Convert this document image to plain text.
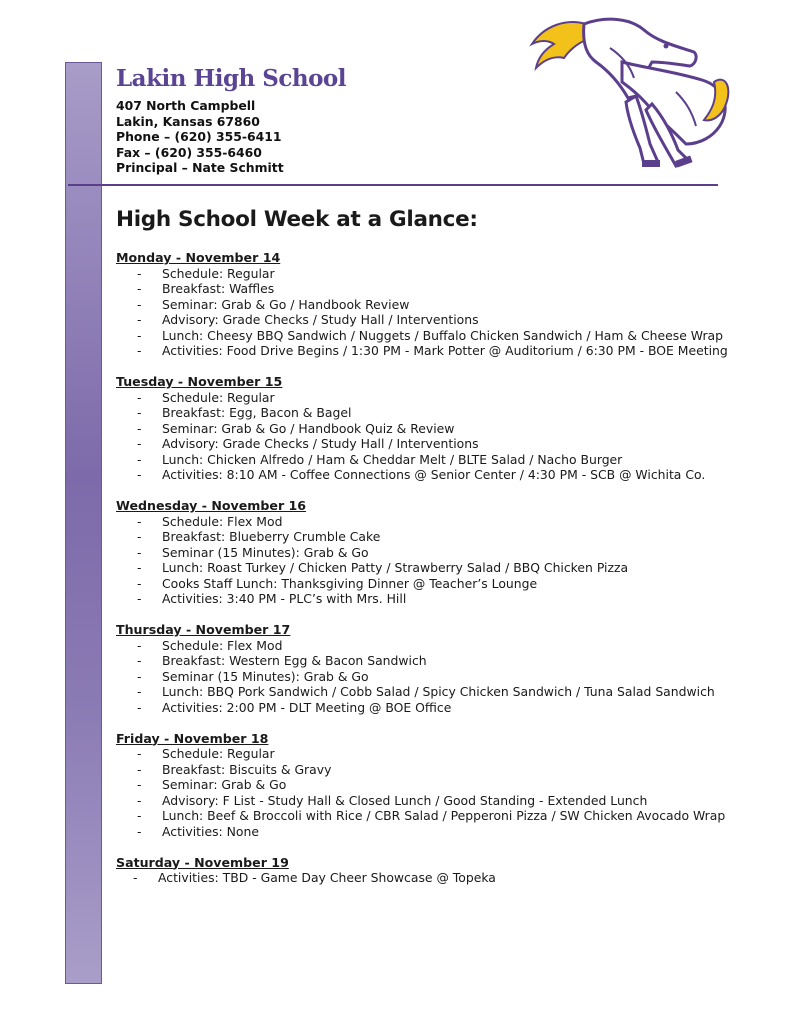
Lakin High School
407 North Campbell
Lakin, Kansas 67860
Phone – (620) 355-6411
Fax – (620) 355-6460
Principal – Nate Schmitt
High School Week at a Glance:
Monday - November 14
- Schedule: Regular
- Breakfast: Waffles
- Seminar: Grab & Go / Handbook Review
- Advisory: Grade Checks / Study Hall / Interventions
- Lunch: Cheesy BBQ Sandwich / Nuggets / Buffalo Chicken Sandwich / Ham & Cheese Wrap
- Activities: Food Drive Begins / 1:30 PM - Mark Potter @ Auditorium / 6:30 PM - BOE Meeting
Tuesday - November 15
- Schedule: Regular
- Breakfast: Egg, Bacon & Bagel
- Seminar: Grab & Go / Handbook Quiz & Review
- Advisory: Grade Checks / Study Hall / Interventions
- Lunch: Chicken Alfredo / Ham & Cheddar Melt / BLTE Salad / Nacho Burger
- Activities: 8:10 AM - Coffee Connections @ Senior Center / 4:30 PM - SCB @ Wichita Co.
Wednesday - November 16
- Schedule: Flex Mod
- Breakfast: Blueberry Crumble Cake
- Seminar (15 Minutes): Grab & Go
- Lunch: Roast Turkey / Chicken Patty / Strawberry Salad / BBQ Chicken Pizza
- Cooks Staff Lunch: Thanksgiving Dinner @ Teacher’s Lounge
- Activities: 3:40 PM - PLC’s with Mrs. Hill
Thursday - November 17
- Schedule: Flex Mod
- Breakfast: Western Egg & Bacon Sandwich
- Seminar (15 Minutes): Grab & Go
- Lunch: BBQ Pork Sandwich / Cobb Salad / Spicy Chicken Sandwich / Tuna Salad Sandwich
- Activities: 2:00 PM - DLT Meeting @ BOE Office
Friday - November 18
- Schedule: Regular
- Breakfast: Biscuits & Gravy
- Seminar: Grab & Go
- Advisory: F List - Study Hall & Closed Lunch / Good Standing - Extended Lunch
- Lunch: Beef & Broccoli with Rice / CBR Salad / Pepperoni Pizza / SW Chicken Avocado Wrap
- Activities: None
Saturday - November 19
- Activities: TBD - Game Day Cheer Showcase @ Topeka
